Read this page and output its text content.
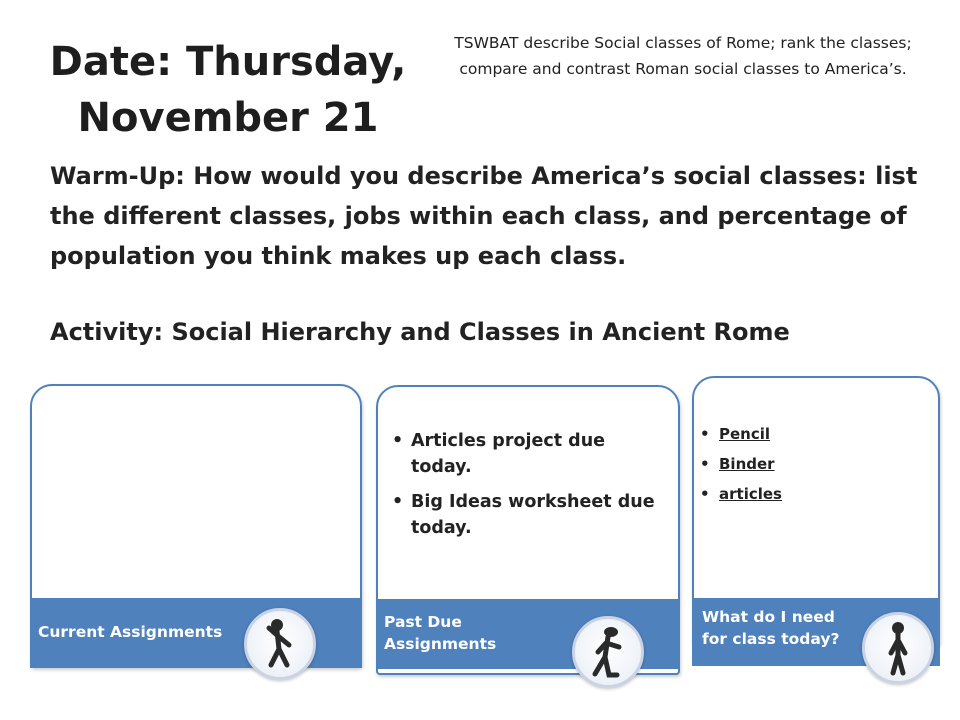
Date: Thursday, November 21
TSWBAT describe Social classes of Rome; rank the classes; compare and contrast Roman social classes to America’s.
Warm-Up: How would you describe America’s social classes: list the different classes, jobs within each class, and percentage of population you think makes up each class.
Activity: Social Hierarchy and Classes in Ancient Rome
Current Assignments
• Articles project due today.
• Big Ideas worksheet due today.
Past Due Assignments
• Pencil
• Binder
• articles
What do I need for class today?
